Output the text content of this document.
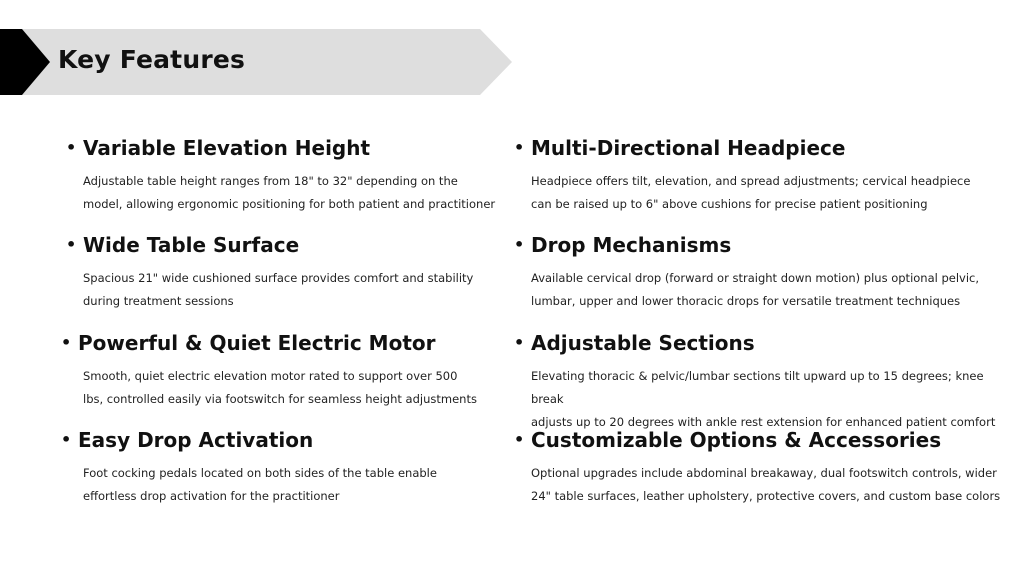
Key Features
• Variable Elevation Height

Adjustable table height ranges from 18" to 32" depending on the
model, allowing ergonomic positioning for both patient and practitioner

• Wide Table Surface

Spacious 21" wide cushioned surface provides comfort and stability
during treatment sessions

• Powerful & Quiet Electric Motor

Smooth, quiet electric elevation motor rated to support over 500
lbs, controlled easily via footswitch for seamless height adjustments

• Easy Drop Activation

Foot cocking pedals located on both sides of the table enable
effortless drop activation for the practitioner

• Multi-Directional Headpiece

Headpiece offers tilt, elevation, and spread adjustments; cervical headpiece
can be raised up to 6" above cushions for precise patient positioning

• Drop Mechanisms

Available cervical drop (forward or straight down motion) plus optional pelvic,
lumbar, upper and lower thoracic drops for versatile treatment techniques

• Adjustable Sections

Elevating thoracic & pelvic/lumbar sections tilt upward up to 15 degrees; knee break
adjusts up to 20 degrees with ankle rest extension for enhanced patient comfort

• Customizable Options & Accessories

Optional upgrades include abdominal breakaway, dual footswitch controls, wider
24" table surfaces, leather upholstery, protective covers, and custom base colors
